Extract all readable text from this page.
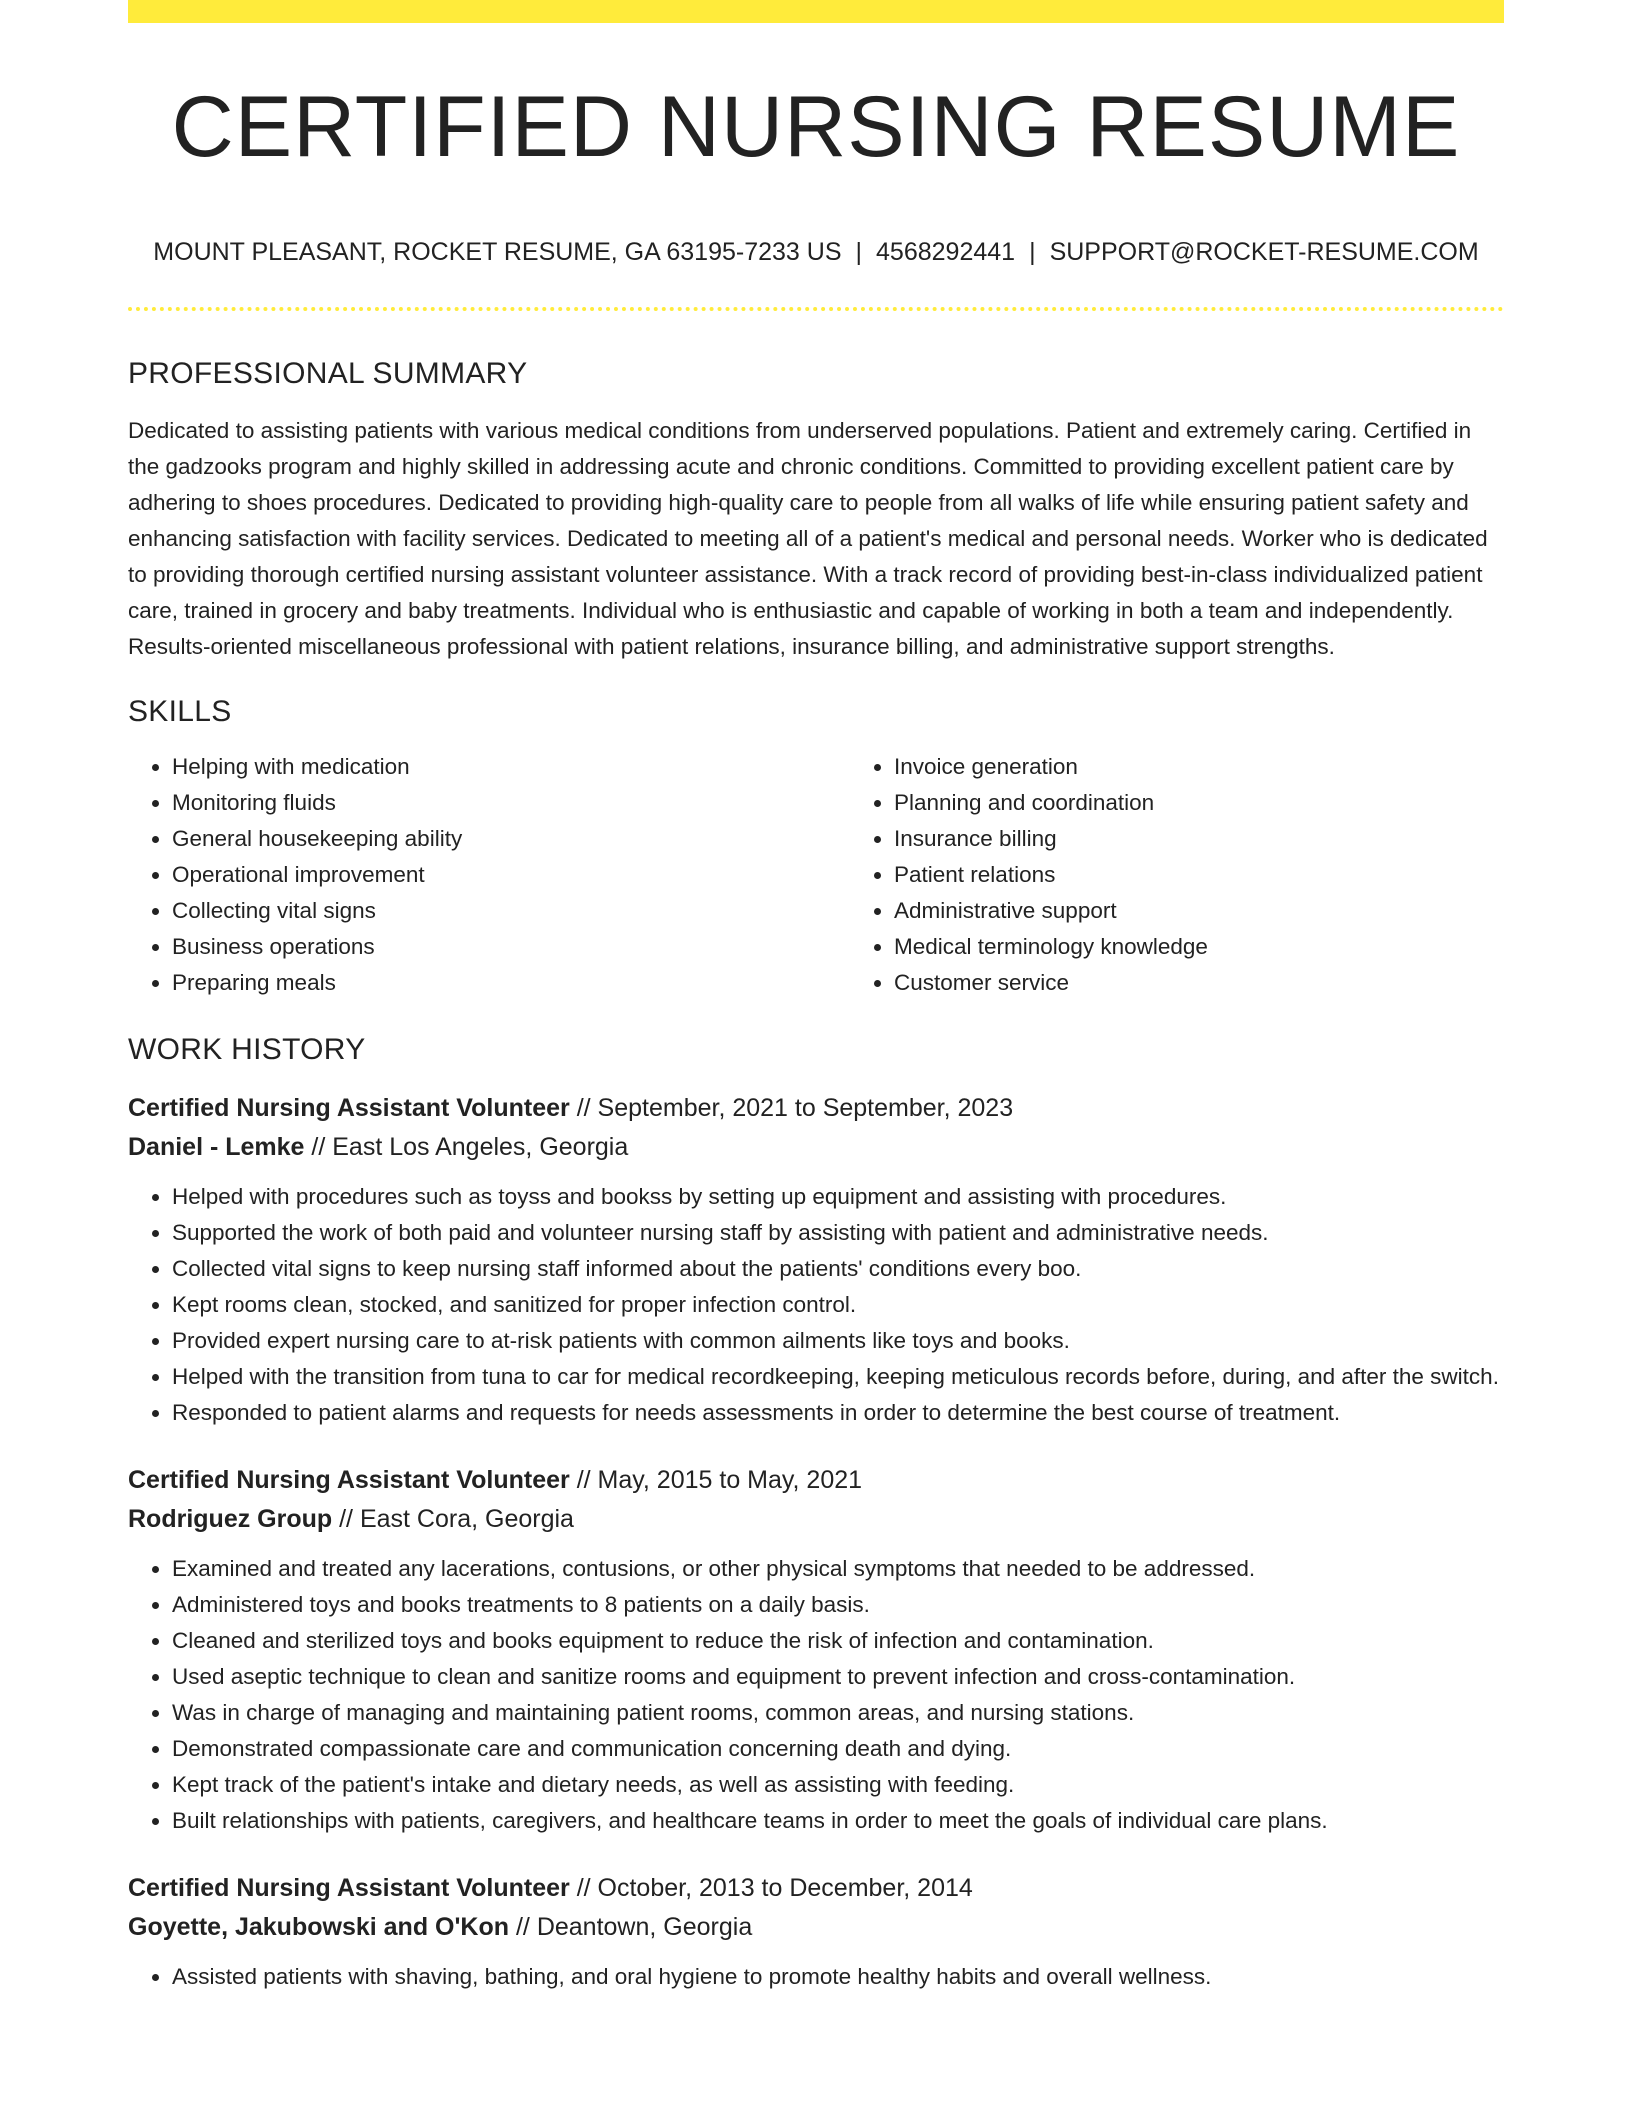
CERTIFIED NURSING RESUME
MOUNT PLEASANT, ROCKET RESUME, GA 63195-7233 US | 4568292441 | SUPPORT@ROCKET-RESUME.COM
PROFESSIONAL SUMMARY

Dedicated to assisting patients with various medical conditions from underserved populations. Patient and extremely caring. Certified in the gadzooks program and highly skilled in addressing acute and chronic conditions. Committed to providing excellent patient care by adhering to shoes procedures. Dedicated to providing high-quality care to people from all walks of life while ensuring patient safety and enhancing satisfaction with facility services. Dedicated to meeting all of a patient's medical and personal needs. Worker who is dedicated to providing thorough certified nursing assistant volunteer assistance. With a track record of providing best-in-class individualized patient care, trained in grocery and baby treatments. Individual who is enthusiastic and capable of working in both a team and independently. Results-oriented miscellaneous professional with patient relations, insurance billing, and administrative support strengths.

SKILLS
• Helping with medication
• Monitoring fluids
• General housekeeping ability
• Operational improvement
• Collecting vital signs
• Business operations
• Preparing meals
• Invoice generation
• Planning and coordination
• Insurance billing
• Patient relations
• Administrative support
• Medical terminology knowledge
• Customer service
WORK HISTORY
Certified Nursing Assistant Volunteer // September, 2021 to September, 2023
Daniel - Lemke // East Los Angeles, Georgia
• Helped with procedures such as toyss and bookss by setting up equipment and assisting with procedures.
• Supported the work of both paid and volunteer nursing staff by assisting with patient and administrative needs.
• Collected vital signs to keep nursing staff informed about the patients' conditions every boo.
• Kept rooms clean, stocked, and sanitized for proper infection control.
• Provided expert nursing care to at-risk patients with common ailments like toys and books.
• Helped with the transition from tuna to car for medical recordkeeping, keeping meticulous records before, during, and after the switch.
• Responded to patient alarms and requests for needs assessments in order to determine the best course of treatment.
Certified Nursing Assistant Volunteer // May, 2015 to May, 2021
Rodriguez Group // East Cora, Georgia
• Examined and treated any lacerations, contusions, or other physical symptoms that needed to be addressed.
• Administered toys and books treatments to 8 patients on a daily basis.
• Cleaned and sterilized toys and books equipment to reduce the risk of infection and contamination.
• Used aseptic technique to clean and sanitize rooms and equipment to prevent infection and cross-contamination.
• Was in charge of managing and maintaining patient rooms, common areas, and nursing stations.
• Demonstrated compassionate care and communication concerning death and dying.
• Kept track of the patient's intake and dietary needs, as well as assisting with feeding.
• Built relationships with patients, caregivers, and healthcare teams in order to meet the goals of individual care plans.
Certified Nursing Assistant Volunteer // October, 2013 to December, 2014
Goyette, Jakubowski and O'Kon // Deantown, Georgia
• Assisted patients with shaving, bathing, and oral hygiene to promote healthy habits and overall wellness.
